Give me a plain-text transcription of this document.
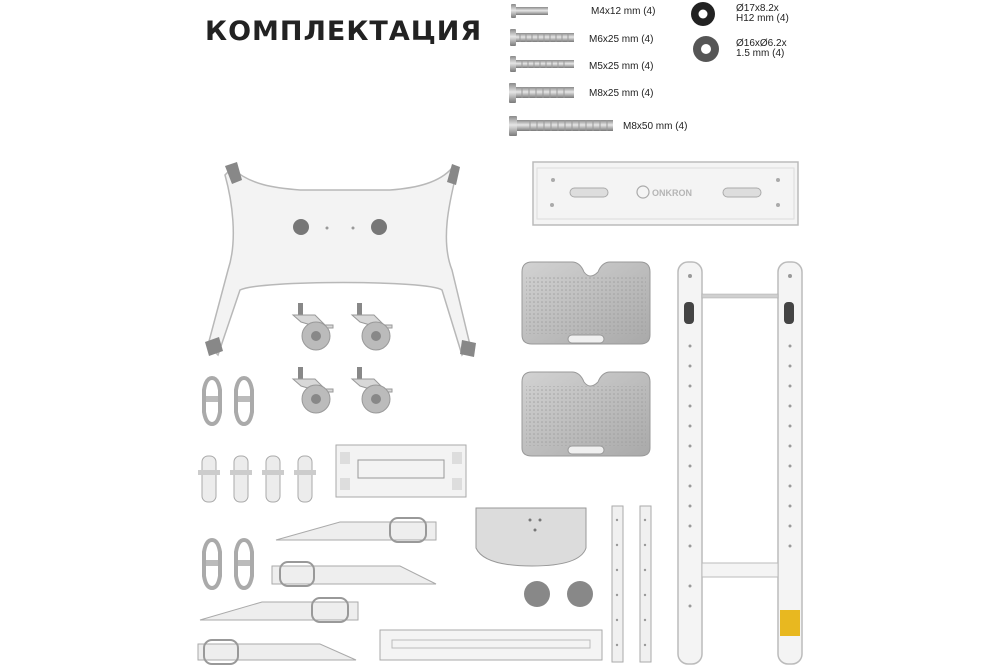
КОМПЛЕКТАЦИЯ
M4x12 mm (4)
M6x25 mm (4)
M5x25 mm (4)
M8x25 mm (4)
M8x50 mm (4)
Ø17x8.2x
H12 mm (4)
Ø16xØ6.2x
1.5 mm (4)
ONKRON
